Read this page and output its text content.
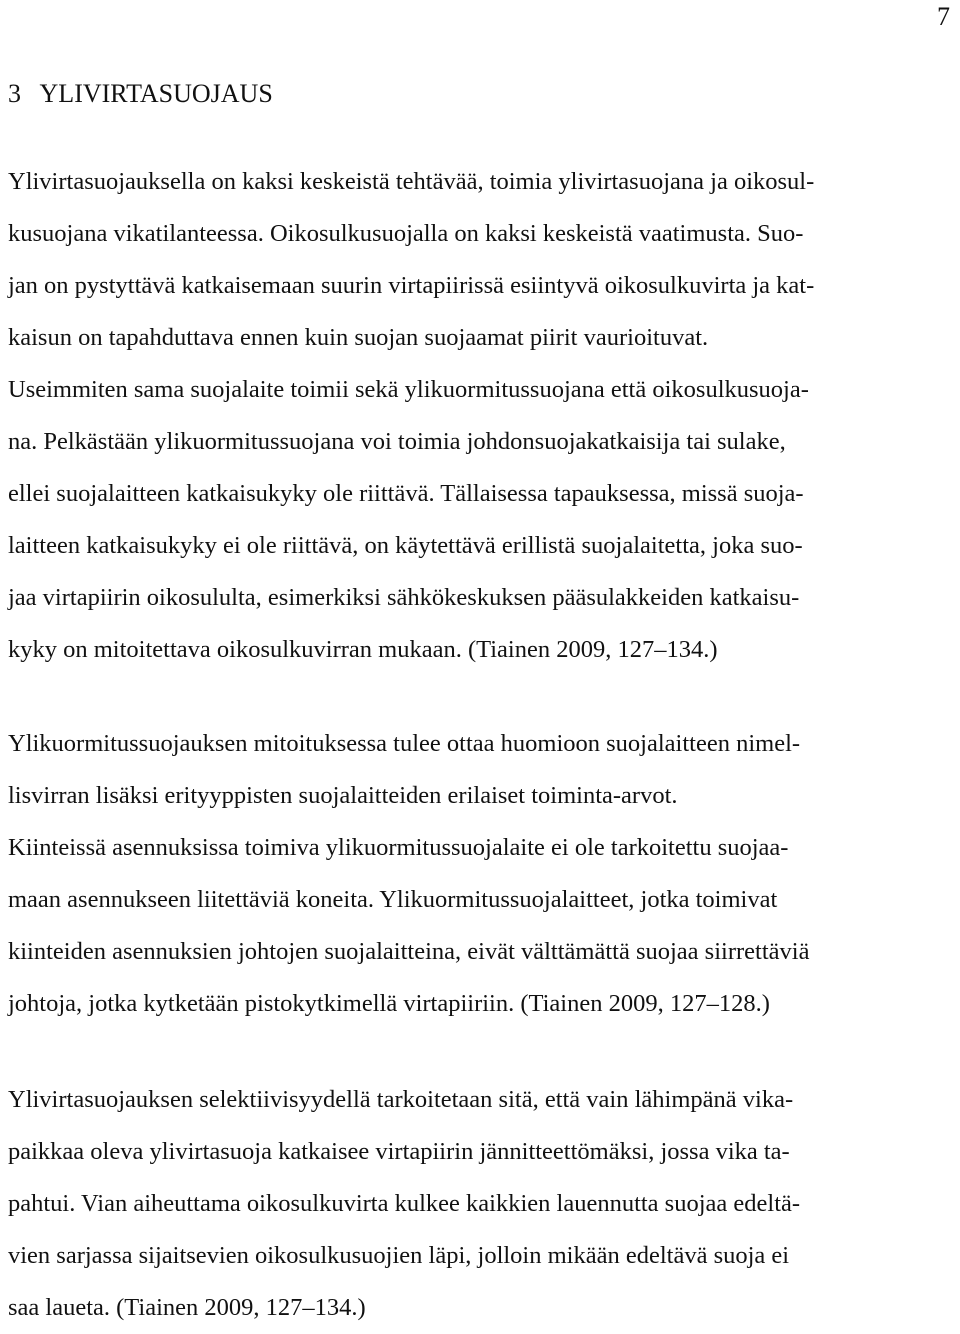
7
3   YLIVIRTASUOJAUS

Ylivirtasuojauksella on kaksi keskeistä tehtävää, toimia ylivirtasuojana ja oikosul-
kusuojana vikatilanteessa. Oikosulkusuojalla on kaksi keskeistä vaatimusta. Suo-
jan on pystyttävä katkaisemaan suurin virtapiirissä esiintyvä oikosulkuvirta ja kat-
kaisun on tapahduttava ennen kuin suojan suojaamat piirit vaurioituvat.
Useimmiten sama suojalaite toimii sekä ylikuormitussuojana että oikosulkusuoja-
na. Pelkästään ylikuormitussuojana voi toimia johdonsuojakatkaisija tai sulake,
ellei suojalaitteen katkaisukyky ole riittävä. Tällaisessa tapauksessa, missä suoja-
laitteen katkaisukyky ei ole riittävä, on käytettävä erillistä suojalaitetta, joka suo-
jaa virtapiirin oikosululta, esimerkiksi sähkökeskuksen pääsulakkeiden katkaisu-
kyky on mitoitettava oikosulkuvirran mukaan. (Tiainen 2009, 127–134.)

Ylikuormitussuojauksen mitoituksessa tulee ottaa huomioon suojalaitteen nimel-
lisvirran lisäksi erityyppisten suojalaitteiden erilaiset toiminta-arvot.
Kiinteissä asennuksissa toimiva ylikuormitussuojalaite ei ole tarkoitettu suojaa-
maan asennukseen liitettäviä koneita. Ylikuormitussuojalaitteet, jotka toimivat
kiinteiden asennuksien johtojen suojalaitteina, eivät välttämättä suojaa siirrettäviä
johtoja, jotka kytketään pistokytkimellä virtapiiriin. (Tiainen 2009, 127–128.)

Ylivirtasuojauksen selektiivisyydellä tarkoitetaan sitä, että vain lähimpänä vika-
paikkaa oleva ylivirtasuoja katkaisee virtapiirin jännitteettömäksi, jossa vika ta-
pahtui. Vian aiheuttama oikosulkuvirta kulkee kaikkien lauennutta suojaa edeltä-
vien sarjassa sijaitsevien oikosulkusuojien läpi, jolloin mikään edeltävä suoja ei
saa laueta. (Tiainen 2009, 127–134.)
